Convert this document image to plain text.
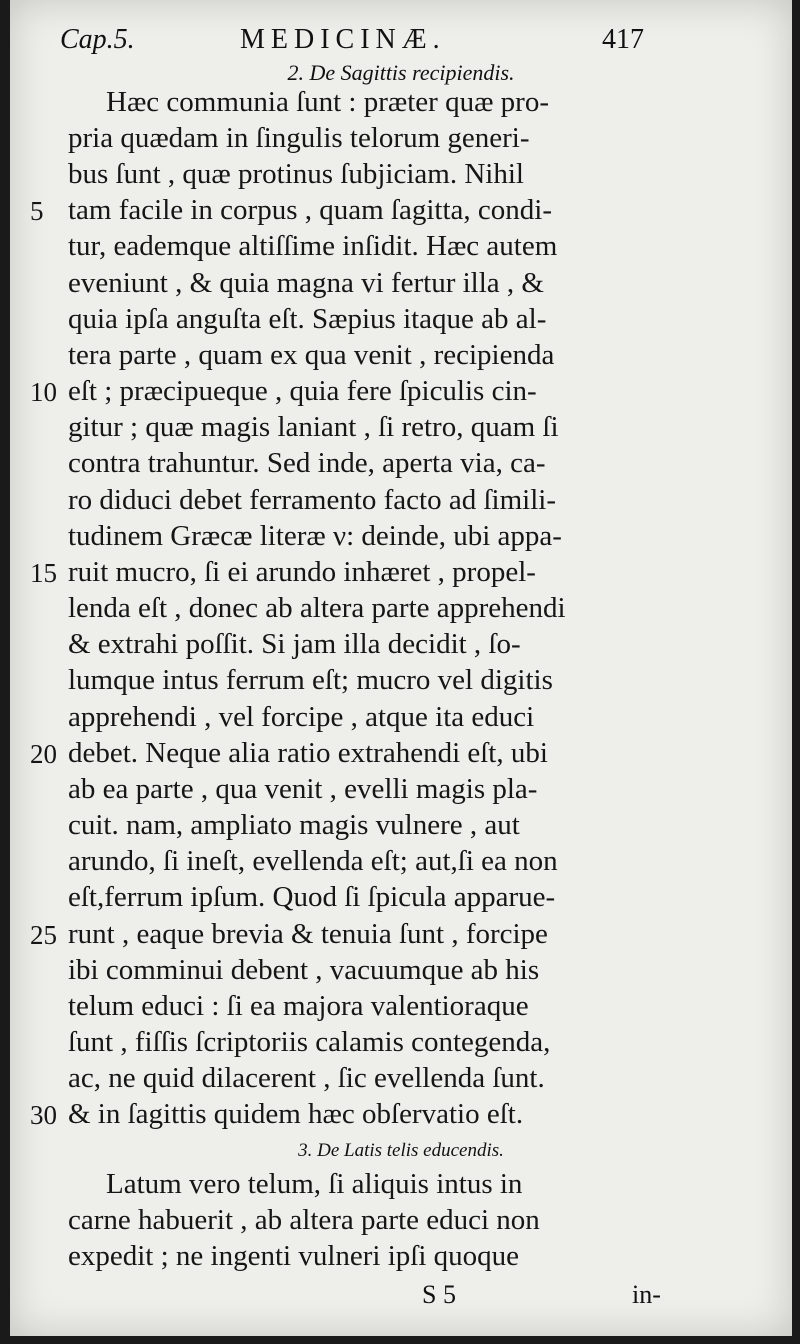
Cap.5.	MEDICINÆ.	417
2. De Sagittis recipiendis.
Hæc communia ſunt : præter quæ pro-
pria quædam in ſingulis telorum generi-
bus ſunt , quæ protinus ſubjiciam. Nihil
tam facile in corpus , quam ſagitta, condi-
tur, eademque altiſſime inſidit. Hæc autem
eveniunt , & quia magna vi fertur illa , &
quia ipſa anguſta eſt. Sæpius itaque ab al-
tera parte , quam ex qua venit , recipienda
eſt ; præcipueque , quia fere ſpiculis cin-
gitur ; quæ magis laniant , ſi retro, quam ſi
contra trahuntur. Sed inde, aperta via, ca-
ro diduci debet ferramento facto ad ſimili-
tudinem Græcæ literæ ν: deinde, ubi appa-
ruit mucro, ſi ei arundo inhæret , propel-
lenda eſt , donec ab altera parte apprehendi
& extrahi poſſit. Si jam illa decidit , ſo-
lumque intus ferrum eſt; mucro vel digitis
apprehendi , vel forcipe , atque ita educi
debet. Neque alia ratio extrahendi eſt, ubi
ab ea parte , qua venit , evelli magis pla-
cuit. nam, ampliato magis vulnere , aut
arundo, ſi ineſt, evellenda eſt; aut,ſi ea non
eſt,ferrum ipſum. Quod ſi ſpicula apparue-
runt , eaque brevia & tenuia ſunt , forcipe
ibi comminui debent , vacuumque ab his
telum educi : ſi ea majora valentioraque
ſunt , fiſſis ſcriptoriis calamis contegenda,
ac, ne quid dilacerent , ſic evellenda ſunt.
& in ſagittis quidem hæc obſervatio eſt.
5
10
15
20
25
30
3. De Latis telis educendis.
Latum vero telum, ſi aliquis intus in
carne habuerit , ab altera parte educi non
expedit ; ne ingenti vulneri ipſi quoque
S 5	in-
